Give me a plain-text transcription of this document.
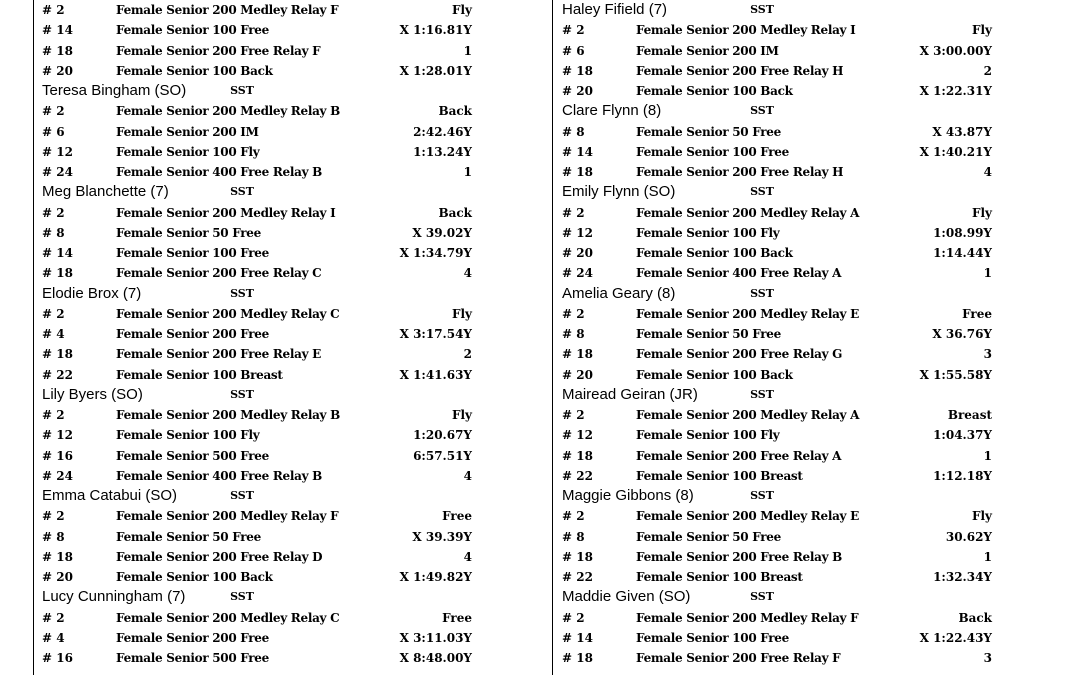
# 2	Female Senior 200 Medley Relay F	Fly
# 14	Female Senior 100 Free	X 1:16.81Y
# 18	Female Senior 200 Free Relay F	1
# 20	Female Senior 100 Back	X 1:28.01Y
Teresa Bingham (SO)	SST
# 2	Female Senior 200 Medley Relay B	Back
# 6	Female Senior 200 IM	2:42.46Y
# 12	Female Senior 100 Fly	1:13.24Y
# 24	Female Senior 400 Free Relay B	1
Meg Blanchette (7)	SST
# 2	Female Senior 200 Medley Relay I	Back
# 8	Female Senior 50 Free	X 39.02Y
# 14	Female Senior 100 Free	X 1:34.79Y
# 18	Female Senior 200 Free Relay C	4
Elodie Brox (7)	SST
# 2	Female Senior 200 Medley Relay C	Fly
# 4	Female Senior 200 Free	X 3:17.54Y
# 18	Female Senior 200 Free Relay E	2
# 22	Female Senior 100 Breast	X 1:41.63Y
Lily Byers (SO)	SST
# 2	Female Senior 200 Medley Relay B	Fly
# 12	Female Senior 100 Fly	1:20.67Y
# 16	Female Senior 500 Free	6:57.51Y
# 24	Female Senior 400 Free Relay B	4
Emma Catabui (SO)	SST
# 2	Female Senior 200 Medley Relay F	Free
# 8	Female Senior 50 Free	X 39.39Y
# 18	Female Senior 200 Free Relay D	4
# 20	Female Senior 100 Back	X 1:49.82Y
Lucy Cunningham (7)	SST
# 2	Female Senior 200 Medley Relay C	Free
# 4	Female Senior 200 Free	X 3:11.03Y
# 16	Female Senior 500 Free	X 8:48.00Y
Haley Fifield (7)	SST
# 2	Female Senior 200 Medley Relay I	Fly
# 6	Female Senior 200 IM	X 3:00.00Y
# 18	Female Senior 200 Free Relay H	2
# 20	Female Senior 100 Back	X 1:22.31Y
Clare Flynn (8)	SST
# 8	Female Senior 50 Free	X 43.87Y
# 14	Female Senior 100 Free	X 1:40.21Y
# 18	Female Senior 200 Free Relay H	4
Emily Flynn (SO)	SST
# 2	Female Senior 200 Medley Relay A	Fly
# 12	Female Senior 100 Fly	1:08.99Y
# 20	Female Senior 100 Back	1:14.44Y
# 24	Female Senior 400 Free Relay A	1
Amelia Geary (8)	SST
# 2	Female Senior 200 Medley Relay E	Free
# 8	Female Senior 50 Free	X 36.76Y
# 18	Female Senior 200 Free Relay G	3
# 20	Female Senior 100 Back	X 1:55.58Y
Mairead Geiran (JR)	SST
# 2	Female Senior 200 Medley Relay A	Breast
# 12	Female Senior 100 Fly	1:04.37Y
# 18	Female Senior 200 Free Relay A	1
# 22	Female Senior 100 Breast	1:12.18Y
Maggie Gibbons (8)	SST
# 2	Female Senior 200 Medley Relay E	Fly
# 8	Female Senior 50 Free	30.62Y
# 18	Female Senior 200 Free Relay B	1
# 22	Female Senior 100 Breast	1:32.34Y
Maddie Given (SO)	SST
# 2	Female Senior 200 Medley Relay F	Back
# 14	Female Senior 100 Free	X 1:22.43Y
# 18	Female Senior 200 Free Relay F	3
